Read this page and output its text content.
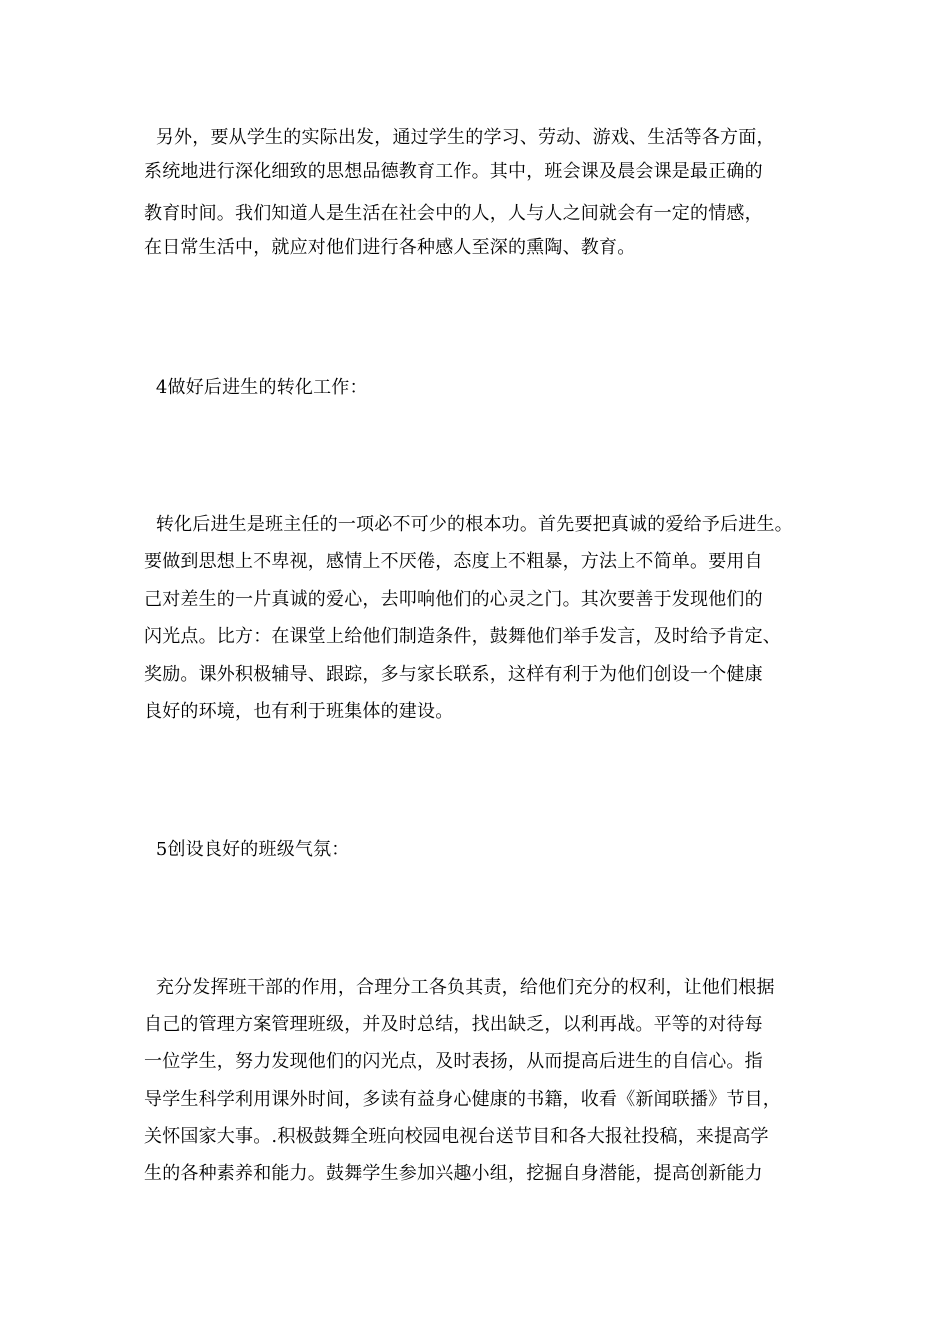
另外，要从学生的实际出发，通过学生的学习、劳动、游戏、生活等各方面，
系统地进行深化细致的思想品德教育工作。其中，班会课及晨会课是最正确的
教育时间。我们知道人是生活在社会中的人，人与人之间就会有一定的情感，
在日常生活中，就应对他们进行各种感人至深的熏陶、教育。
4做好后进生的转化工作：
转化后进生是班主任的一项必不可少的根本功。首先要把真诚的爱给予后进生。
要做到思想上不卑视，感情上不厌倦，态度上不粗暴，方法上不简单。要用自
己对差生的一片真诚的爱心，去叩响他们的心灵之门。其次要善于发现他们的
闪光点。比方：在课堂上给他们制造条件，鼓舞他们举手发言，及时给予肯定、
奖励。课外积极辅导、跟踪，多与家长联系，这样有利于为他们创设一个健康
良好的环境，也有利于班集体的建设。
5创设良好的班级气氛：
充分发挥班干部的作用，合理分工各负其责，给他们充分的权利，让他们根据
自己的管理方案管理班级，并及时总结，找出缺乏，以利再战。平等的对待每
一位学生，努力发现他们的闪光点，及时表扬，从而提高后进生的自信心。指
导学生科学利用课外时间，多读有益身心健康的书籍，收看《新闻联播》节目，
关怀国家大事。.积极鼓舞全班向校园电视台送节目和各大报社投稿，来提高学
生的各种素养和能力。鼓舞学生参加兴趣小组，挖掘自身潜能，提高创新能力
